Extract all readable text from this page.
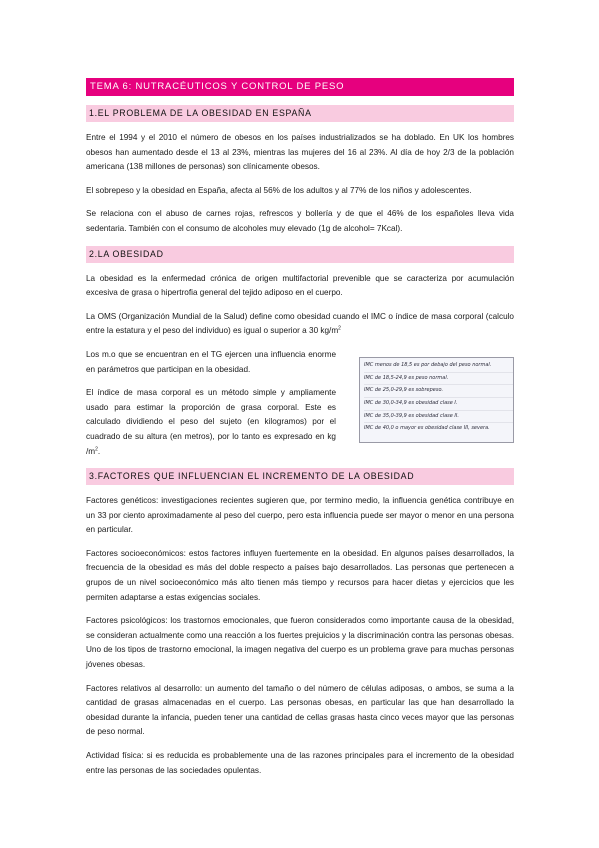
TEMA 6: NUTRACÉUTICOS Y CONTROL DE PESO
1.EL PROBLEMA DE LA OBESIDAD EN ESPAÑA

Entre el 1994 y el 2010 el número de obesos en los países industrializados se ha doblado. En UK los hombres obesos han aumentado desde el 13 al 23%, mientras las mujeres del 16 al 23%. Al día de hoy 2/3 de la población americana (138 millones de personas) son clínicamente obesos.

El sobrepeso y la obesidad en España, afecta al 56% de los adultos y al 77% de los niños y adolescentes.

Se relaciona con el abuso de carnes rojas, refrescos y bollería y de que el 46% de los españoles lleva vida sedentaria. También con el consumo de alcoholes muy elevado (1g de alcohol= 7Kcal).

2.LA OBESIDAD

La obesidad es la enfermedad crónica de origen multifactorial prevenible que se caracteriza por acumulación excesiva de grasa o hipertrofia general del tejido adiposo en el cuerpo.

La OMS (Organización Mundial de la Salud) define como obesidad cuando el IMC o índice de masa corporal (calculo entre la estatura y el peso del individuo) es igual o superior a 30 $kg/m^2$

Los m.o que se encuentran en el TG ejercen una influencia enorme en parámetros que participan en la obesidad.

El índice de masa corporal es un método simple y ampliamente usado para estimar la proporción de grasa corporal. Este es calculado dividiendo el peso del sujeto (en kilogramos) por el cuadrado de su altura (en metros), por lo tanto es expresado en kg $/m^2$.

IMC menos de 18,5 es por debajo del peso normal.
IMC de 18,5-24,9 es peso normal.
IMC de 25,0-29,9 es sobrepeso.
IMC de 30,0-34,9 es obesidad clase I.
IMC de 35,0-39,9 es obesidad clase II.
IMC de 40,0 o mayor es obesidad clase III, severa.
3.FACTORES QUE INFLUENCIAN EL INCREMENTO DE LA OBESIDAD

Factores genéticos: investigaciones recientes sugieren que, por termino medio, la influencia genética contribuye en un 33 por ciento aproximadamente al peso del cuerpo, pero esta influencia puede ser mayor o menor en una persona en particular.

Factores socioeconómicos: estos factores influyen fuertemente en la obesidad. En algunos países desarrollados, la frecuencia de la obesidad es más del doble respecto a países bajo desarrollados. Las personas que pertenecen a grupos de un nivel socioeconómico más alto tienen más tiempo y recursos para hacer dietas y ejercicios que les permiten adaptarse a estas exigencias sociales.

Factores psicológicos: los trastornos emocionales, que fueron considerados como importante causa de la obesidad, se consideran actualmente como una reacción a los fuertes prejuicios y la discriminación contra las personas obesas. Uno de los tipos de trastorno emocional, la imagen negativa del cuerpo es un problema grave para muchas personas jóvenes obesas.

Factores relativos al desarrollo: un aumento del tamaño o del número de células adiposas, o ambos, se suma a la cantidad de grasas almacenadas en el cuerpo. Las personas obesas, en particular las que han desarrollado la obesidad durante la infancia, pueden tener una cantidad de cellas grasas hasta cinco veces mayor que las personas de peso normal.

Actividad física: si es reducida es probablemente una de las razones principales para el incremento de la obesidad entre las personas de las sociedades opulentas.
